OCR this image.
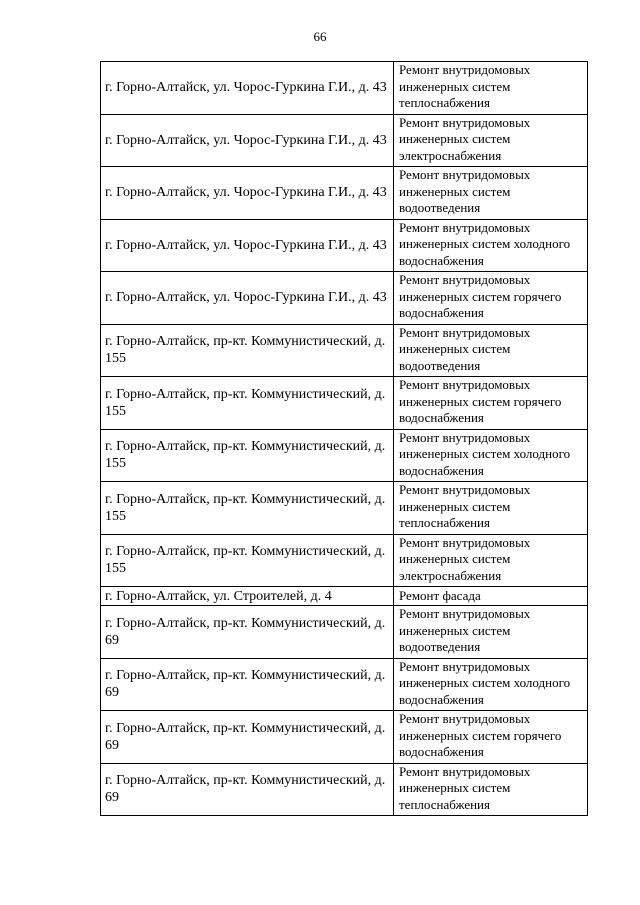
66
г. Горно-Алтайск, ул. Чорос-Гуркина Г.И., д. 43	Ремонт внутридомовых инженерных систем теплоснабжения

г. Горно-Алтайск, ул. Чорос-Гуркина Г.И., д. 43	Ремонт внутридомовых инженерных систем электроснабжения

г. Горно-Алтайск, ул. Чорос-Гуркина Г.И., д. 43	Ремонт внутридомовых инженерных систем водоотведения

г. Горно-Алтайск, ул. Чорос-Гуркина Г.И., д. 43	Ремонт внутридомовых инженерных систем холодного водоснабжения

г. Горно-Алтайск, ул. Чорос-Гуркина Г.И., д. 43	Ремонт внутридомовых инженерных систем горячего водоснабжения

г. Горно-Алтайск, пр-кт. Коммунистический, д. 155	Ремонт внутридомовых инженерных систем водоотведения

г. Горно-Алтайск, пр-кт. Коммунистический, д. 155	Ремонт внутридомовых инженерных систем горячего водоснабжения

г. Горно-Алтайск, пр-кт. Коммунистический, д. 155	Ремонт внутридомовых инженерных систем холодного водоснабжения

г. Горно-Алтайск, пр-кт. Коммунистический, д. 155	Ремонт внутридомовых инженерных систем теплоснабжения

г. Горно-Алтайск, пр-кт. Коммунистический, д. 155	Ремонт внутридомовых инженерных систем электроснабжения

г. Горно-Алтайск, ул. Строителей, д. 4	Ремонт фасада

г. Горно-Алтайск, пр-кт. Коммунистический, д. 69	Ремонт внутридомовых инженерных систем водоотведения

г. Горно-Алтайск, пр-кт. Коммунистический, д. 69	Ремонт внутридомовых инженерных систем холодного водоснабжения

г. Горно-Алтайск, пр-кт. Коммунистический, д. 69	Ремонт внутридомовых инженерных систем горячего водоснабжения

г. Горно-Алтайск, пр-кт. Коммунистический, д. 69	Ремонт внутридомовых инженерных систем теплоснабжения
